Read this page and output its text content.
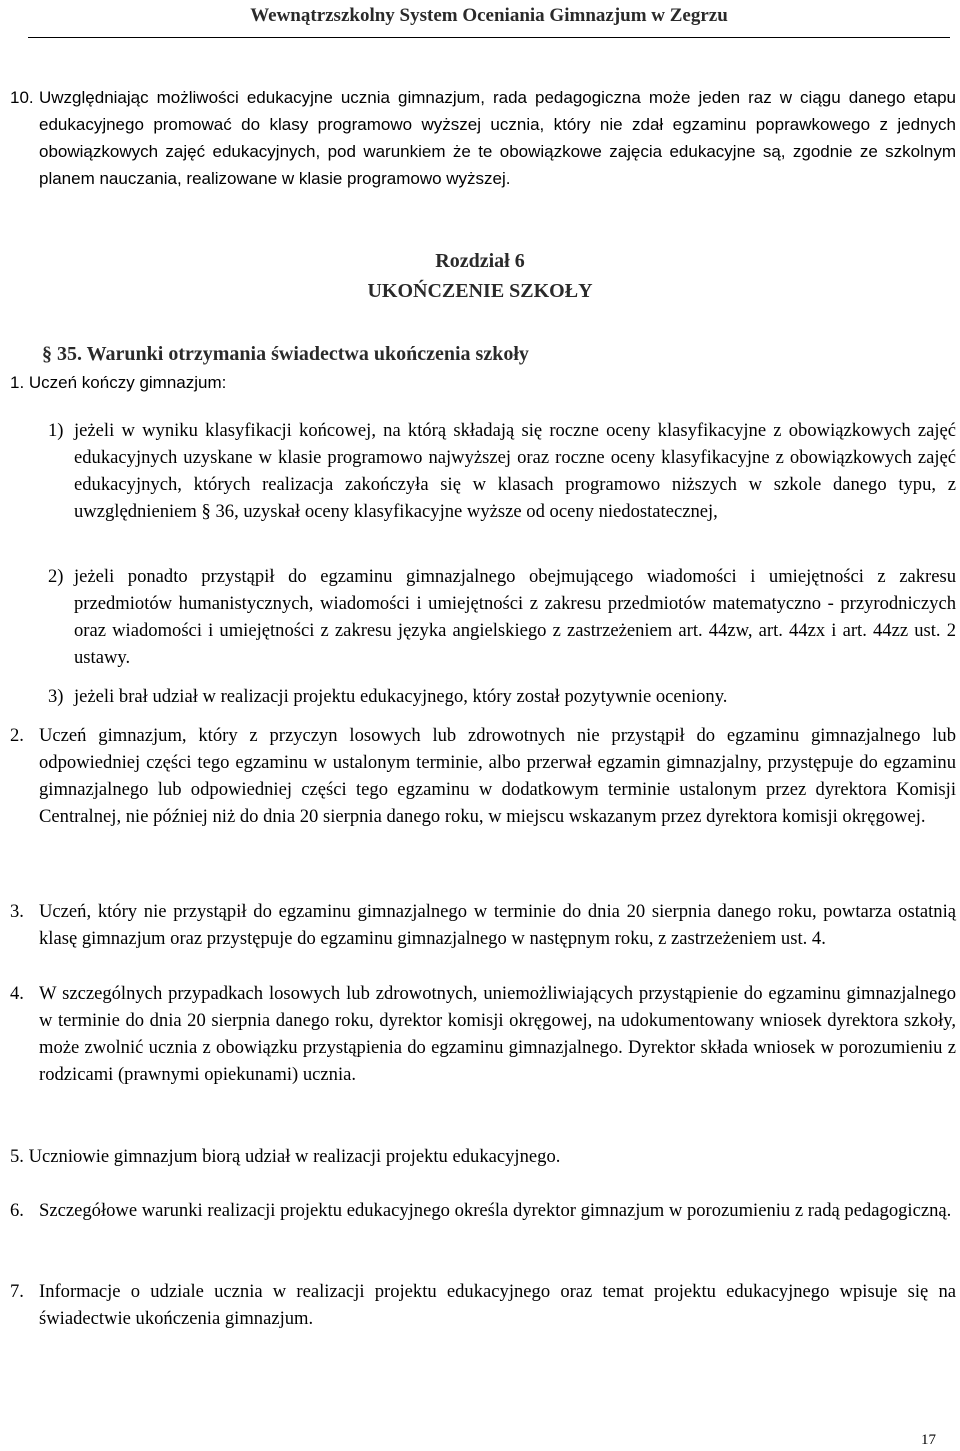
Wewnątrzszkolny System Oceniania Gimnazjum w Zegrzu
10. Uwzględniając możliwości edukacyjne ucznia gimnazjum, rada pedagogiczna może jeden raz w ciągu danego etapu edukacyjnego promować do klasy programowo wyższej ucznia, który nie zdał egzaminu poprawkowego z jednych obowiązkowych zajęć edukacyjnych, pod warunkiem że te obowiązkowe zajęcia edukacyjne są, zgodnie ze szkolnym planem nauczania, realizowane w klasie programowo wyższej.
Rozdział 6
UKOŃCZENIE SZKOŁY
§ 35. Warunki otrzymania świadectwa ukończenia szkoły
1. Uczeń kończy gimnazjum:
1) jeżeli w wyniku klasyfikacji końcowej, na którą składają się roczne oceny klasyfikacyjne z obowiązkowych zajęć edukacyjnych uzyskane w klasie programowo najwyższej oraz roczne oceny klasyfikacyjne z obowiązkowych zajęć edukacyjnych, których realizacja zakończyła się w klasach programowo niższych w szkole danego typu, z uwzględnieniem § 36, uzyskał oceny klasyfikacyjne wyższe od oceny niedostatecznej,
2) jeżeli ponadto przystąpił do egzaminu gimnazjalnego obejmującego wiadomości i umiejętności z zakresu przedmiotów humanistycznych, wiadomości i umiejętności z zakresu przedmiotów matematyczno - przyrodniczych oraz wiadomości i umiejętności z zakresu języka angielskiego z zastrzeżeniem art. 44zw, art. 44zx i art. 44zz ust. 2 ustawy.
3) jeżeli brał udział w realizacji projektu edukacyjnego, który został pozytywnie oceniony.
2. Uczeń gimnazjum, który z przyczyn losowych lub zdrowotnych nie przystąpił do egzaminu gimnazjalnego lub odpowiedniej części tego egzaminu w ustalonym terminie, albo przerwał egzamin gimnazjalny, przystępuje do egzaminu gimnazjalnego lub odpowiedniej części tego egzaminu w dodatkowym terminie ustalonym przez dyrektora Komisji Centralnej, nie później niż do dnia 20 sierpnia danego roku, w miejscu wskazanym przez dyrektora komisji okręgowej.
3. Uczeń, który nie przystąpił do egzaminu gimnazjalnego w terminie do dnia 20 sierpnia danego roku, powtarza ostatnią klasę gimnazjum oraz przystępuje do egzaminu gimnazjalnego w następnym roku, z zastrzeżeniem ust. 4.
4. W szczególnych przypadkach losowych lub zdrowotnych, uniemożliwiających przystąpienie do egzaminu gimnazjalnego w terminie do dnia 20 sierpnia danego roku, dyrektor komisji okręgowej, na udokumentowany wniosek dyrektora szkoły, może zwolnić ucznia z obowiązku przystąpienia do egzaminu gimnazjalnego. Dyrektor składa wniosek w porozumieniu z rodzicami (prawnymi opiekunami) ucznia.
5. Uczniowie gimnazjum biorą udział w realizacji projektu edukacyjnego.
6. Szczegółowe warunki realizacji projektu edukacyjnego określa dyrektor gimnazjum w porozumieniu z radą pedagogiczną.
7. Informacje o udziale ucznia w realizacji projektu edukacyjnego oraz temat projektu edukacyjnego wpisuje się na świadectwie ukończenia gimnazjum.
17
